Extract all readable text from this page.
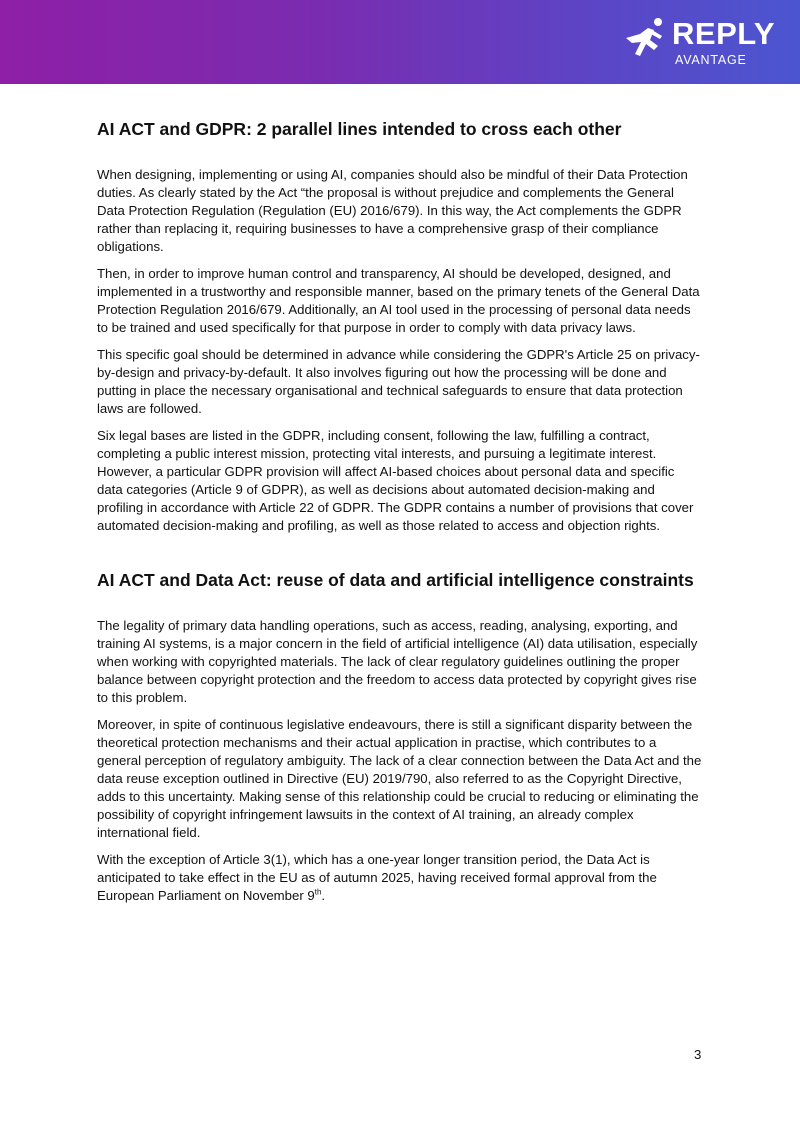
REPLY
AVANTAGE
AI ACT and GDPR: 2 parallel lines intended to cross each other

When designing, implementing or using AI, companies should also be mindful of their Data Protection duties. As clearly stated by the Act “the proposal is without prejudice and complements the General Data Protection Regulation (Regulation (EU) 2016/679). In this way, the Act complements the GDPR rather than replacing it, requiring businesses to have a comprehensive grasp of their compliance obligations.

Then, in order to improve human control and transparency, AI should be developed, designed, and implemented in a trustworthy and responsible manner, based on the primary tenets of the General Data Protection Regulation 2016/679. Additionally, an AI tool used in the processing of personal data needs to be trained and used specifically for that purpose in order to comply with data privacy laws.

This specific goal should be determined in advance while considering the GDPR's Article 25 on privacy-by-design and privacy-by-default. It also involves figuring out how the processing will be done and putting in place the necessary organisational and technical safeguards to ensure that data protection laws are followed.

Six legal bases are listed in the GDPR, including consent, following the law, fulfilling a contract, completing a public interest mission, protecting vital interests, and pursuing a legitimate interest. However, a particular GDPR provision will affect AI-based choices about personal data and specific data categories (Article 9 of GDPR), as well as decisions about automated decision-making and profiling in accordance with Article 22 of GDPR. The GDPR contains a number of provisions that cover automated decision-making and profiling, as well as those related to access and objection rights.

AI ACT and Data Act: reuse of data and artificial intelligence constraints

The legality of primary data handling operations, such as access, reading, analysing, exporting, and training AI systems, is a major concern in the field of artificial intelligence (AI) data utilisation, especially when working with copyrighted materials. The lack of clear regulatory guidelines outlining the proper balance between copyright protection and the freedom to access data protected by copyright gives rise to this problem.

Moreover, in spite of continuous legislative endeavours, there is still a significant disparity between the theoretical protection mechanisms and their actual application in practise, which contributes to a general perception of regulatory ambiguity. The lack of a clear connection between the Data Act and the data reuse exception outlined in Directive (EU) 2019/790, also referred to as the Copyright Directive, adds to this uncertainty. Making sense of this relationship could be crucial to reducing or eliminating the possibility of copyright infringement lawsuits in the context of AI training, an already complex international field.

With the exception of Article 3(1), which has a one-year longer transition period, the Data Act is anticipated to take effect in the EU as of autumn 2025, having received formal approval from the European Parliament on November 9th.

3
